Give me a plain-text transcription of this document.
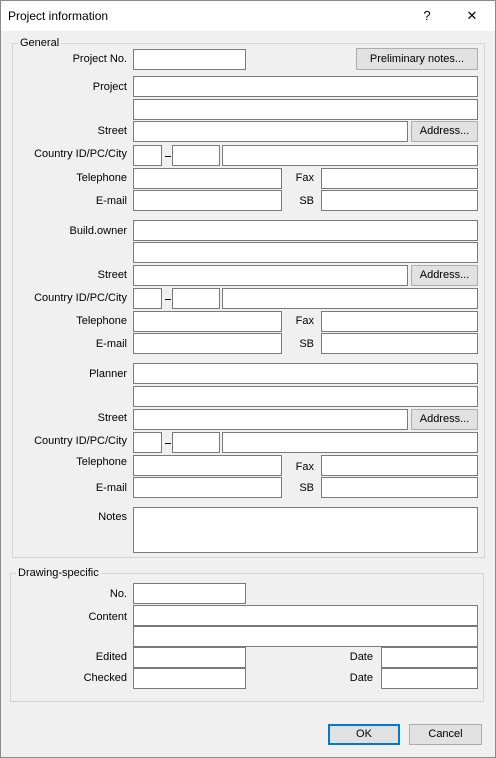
Project information	?	✕
General
Project No.	Preliminary notes...
Project
Street	Address...
Country ID/PC/City
Telephone	Fax
E-mail	SB
Build.owner
Street	Address...
Country ID/PC/City
Telephone	Fax
E-mail	SB
Planner
Street	Address...
Country ID/PC/City
Telephone	Fax
E-mail	SB
Notes
Drawing-specific
No.
Content
Edited	Date
Checked	Date
OK	Cancel
